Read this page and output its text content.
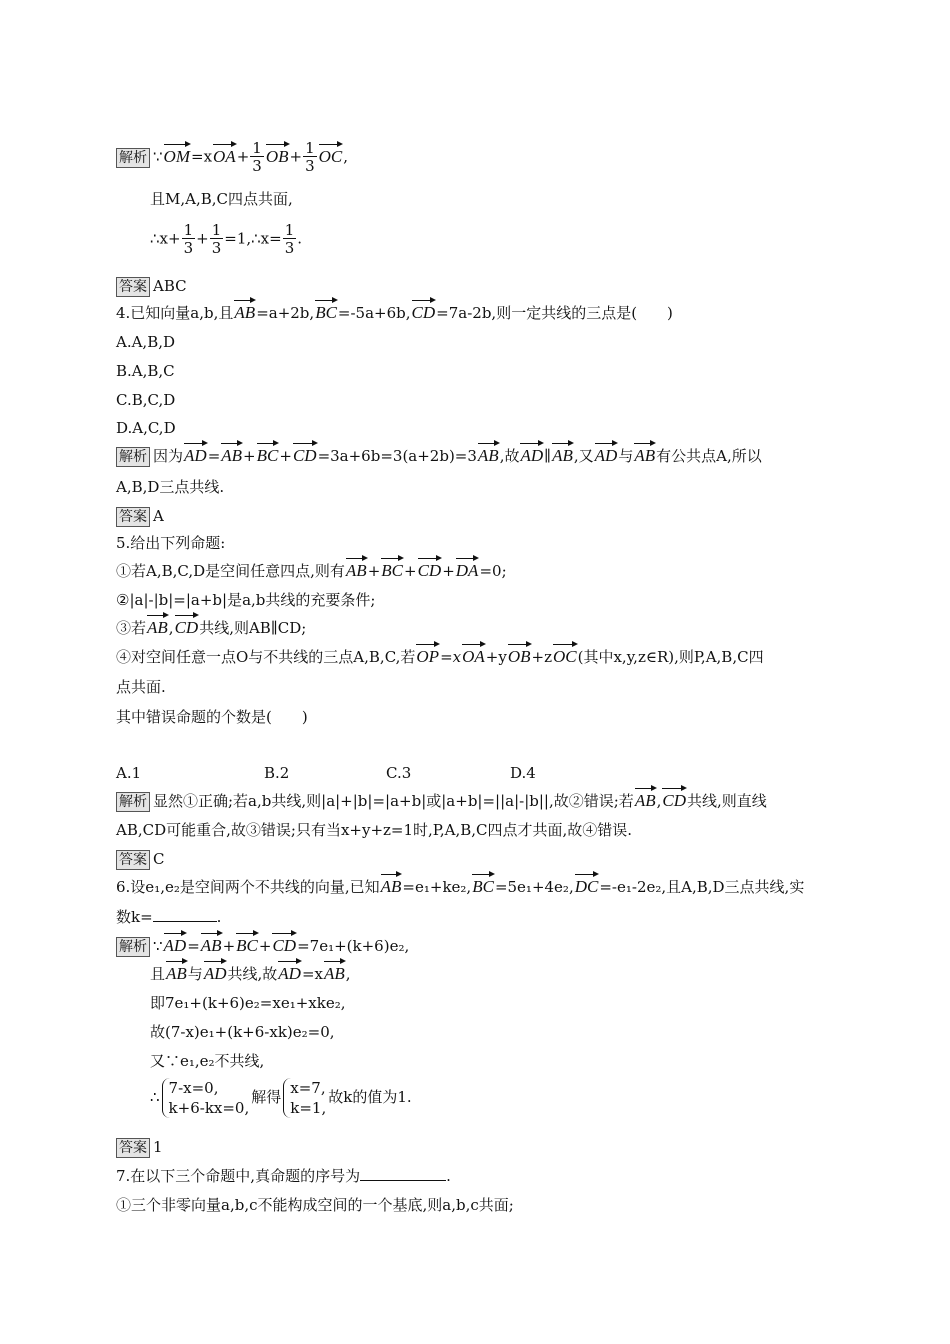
解析 ∵OM=xOA+ $\frac{1}{3} OB+ \frac{1}{3}$ OC,
且M,A,B,C四点共面,
∴x+ $\frac{1}{3} + \frac{1}{3}$ =1,∴x= $\frac{1}{3}$ .
答案 ABC
4.已知向量a,b,且AB=a+2b,BC=-5a+6b,CD=7a-2b,则一定共线的三点是(　　)
A.A,B,D
B.A,B,C
C.B,C,D
D.A,C,D
解析 因为AD=AB+BC+CD=3a+6b=3(a+2b)=3AB,故AD∥AB,又AD与AB有公共点A,所以
A,B,D三点共线.
答案 A
5.给出下列命题:
①若A,B,C,D是空间任意四点,则有AB+BC+CD+DA=0;
②|a|-|b|=|a+b|是a,b共线的充要条件;
③若AB,CD共线,则AB∥CD;
④对空间任意一点O与不共线的三点A,B,C,若OP=xOA+yOB+zOC(其中x,y,z∈R),则P,A,B,C四
点共面.
其中错误命题的个数是(　　)
A.1	B.2	C.3	D.4
解析 显然①正确;若a,b共线,则|a|+|b|=|a+b|或|a+b|=||a|-|b||,故②错误;若AB,CD共线,则直线
AB,CD可能重合,故③错误;只有当x+y+z=1时,P,A,B,C四点才共面,故④错误.
答案 C
6.设e₁,e₂是空间两个不共线的向量,已知AB=e₁+ke₂,BC=5e₁+4e₂,DC=-e₁-2e₂,且A,B,D三点共线,实
数k=	.
解析 ∵AD=AB+BC+CD=7e₁+(k+6)e₂,
且AB与AD共线,故AD=xAB,
即7e₁+(k+6)e₂=xe₁+xke₂,
故(7-x)e₁+(k+6-xk)e₂=0,
又∵e₁,e₂不共线,
∴ 7-x=0,
k+6-kx=0,
解得 x=7,
k=1,
故k的值为1.
答案 1
7.在以下三个命题中,真命题的序号为	.
①三个非零向量a,b,c不能构成空间的一个基底,则a,b,c共面;
